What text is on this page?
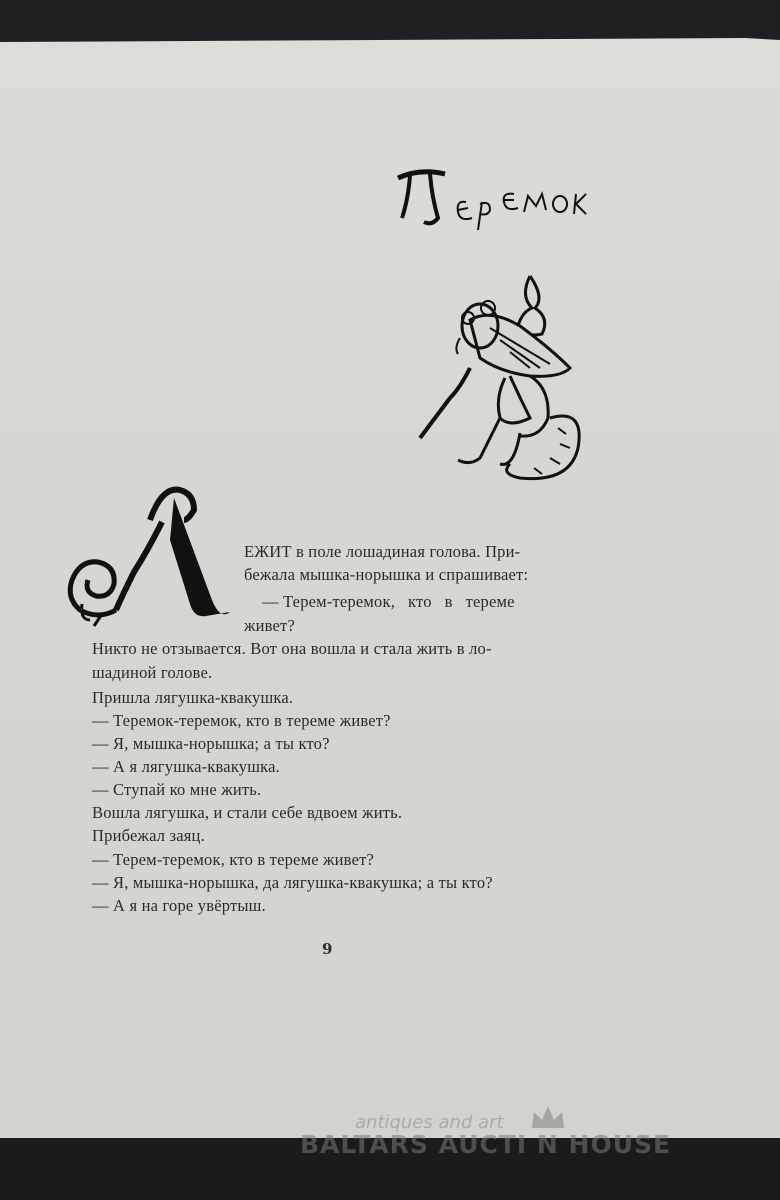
ЕЖИТ в поле лошадиная голова. При-
бежала мышка-норышка и спрашивает:
— Терем-теремок,   кто   в   тереме
живет?
Никто не отзывается. Вот она вошла и стала жить в ло-
шадиной голове.
Пришла лягушка-квакушка.
— Теремок-теремок, кто в тереме живет?
— Я, мышка-норышка; а ты кто?
— А я лягушка-квакушка.
— Ступай ко мне жить.
Вошла лягушка, и стали себе вдвоем жить.
Прибежал заяц.
— Терем-теремок, кто в тереме живет?
— Я, мышка-норышка, да лягушка-квакушка; а ты кто?
— А я на горе увёртыш.
9
antiques and art
BALTARS AUCTI N HOUSE
